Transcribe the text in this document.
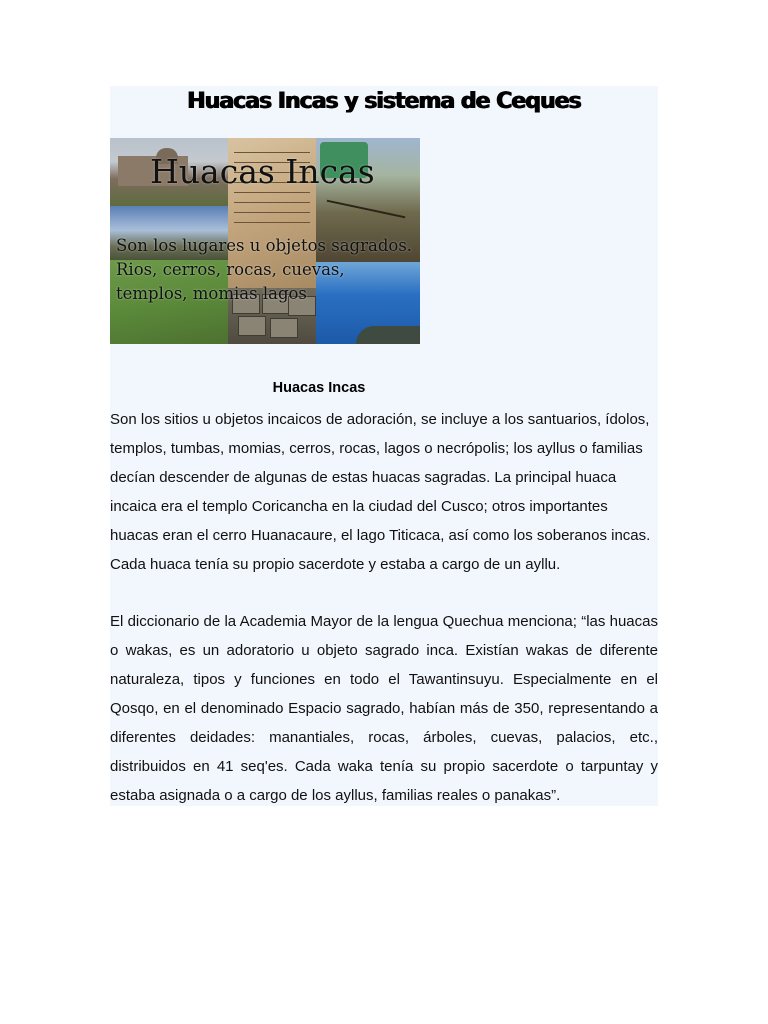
Huacas Incas y sistema de Ceques
Huacas Incas

Son los lugares u objetos sagrados. Rios, cerros, rocas, cuevas, templos, momias lagos

Huacas Incas

Son los sitios u objetos incaicos de adoración, se incluye a los santuarios, ídolos, templos, tumbas, momias, cerros, rocas, lagos o necrópolis; los ayllus o familias decían descender de algunas de estas huacas sagradas. La principal huaca incaica era el templo Coricancha en la ciudad del Cusco; otros importantes huacas eran el cerro Huanacaure, el lago Titicaca, así como los soberanos incas. Cada huaca tenía su propio sacerdote y estaba a cargo de un ayllu.

El diccionario de la Academia Mayor de la lengua Quechua menciona; “las huacas o wakas, es un adoratorio u objeto sagrado inca. Existían wakas de diferente naturaleza, tipos y funciones en todo el Tawantinsuyu. Especialmente en el Qosqo, en el denominado Espacio sagrado, habían más de 350, representando a diferentes deidades: manantiales, rocas, árboles, cuevas, palacios, etc., distribuidos en 41 seq'es. Cada waka tenía su propio sacerdote o tarpuntay y estaba asignada o a cargo de los ayllus, familias reales o panakas”.
